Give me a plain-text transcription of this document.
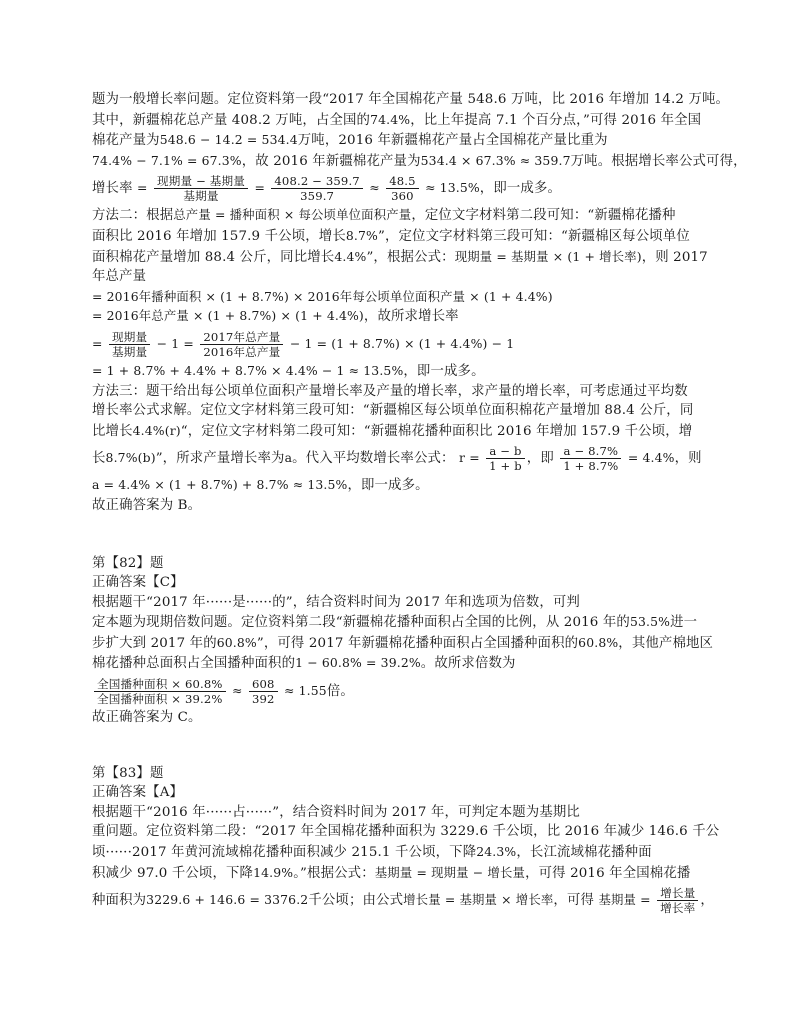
题为一般增长率问题。定位资料第一段“2017 年全国棉花产量 548.6 万吨，比 2016 年增加 14.2 万吨。
其中，新疆棉花总产量 408.2 万吨，占全国的74.4%，比上年提高 7.1 个百分点，”可得 2016 年全国
棉花产量为548.6 − 14.2 = 534.4万吨，2016 年新疆棉花产量占全国棉花产量比重为
74.4% − 7.1% = 67.3%，故 2016 年新疆棉花产量为534.4 × 67.3% ≈ 359.7万吨。根据增长率公式可得，
增长率 = $\frac{\text{现期量 − 基期量}}{\text{基期量}} = \frac{408.2 - 359.7}{359.7} \approx \frac{48.5}{360} \approx 13.5\%$，即一成多。
方法二：根据总产量 = 播种面积 × 每公顷单位面积产量，定位文字材料第二段可知：“新疆棉花播种
面积比 2016 年增加 157.9 千公顷，增长8.7%”，定位文字材料第三段可知：“新疆棉区每公顷单位
面积棉花产量增加 88.4 公斤，同比增长4.4%”，根据公式：现期量 = 基期量 × (1 + 增长率)，则 2017
年总产量
= 2016年播种面积 × (1 + 8.7%) × 2016年每公顷单位面积产量 × (1 + 4.4%)
= 2016年总产量 × (1 + 8.7%) × (1 + 4.4%)，故所求增长率
= $\frac{\text{现期量}}{\text{基期量}} - 1 = \frac{\text{2017年总产量}}{\text{2016年总产量}} - 1 = (1 + 8.7\%) \times (1 + 4.4\%) - 1$
= 1 + 8.7% + 4.4% + 8.7% × 4.4% − 1 ≈ 13.5%，即一成多。
方法三：题干给出每公顷单位面积产量增长率及产量的增长率，求产量的增长率，可考虑通过平均数
增长率公式求解。定位文字材料第三段可知：“新疆棉区每公顷单位面积棉花产量增加 88.4 公斤，同
比增长4.4%(r)“，定位文字材料第二段可知：“新疆棉花播种面积比 2016 年增加 157.9 千公顷，增
长8.7%(b)”，所求产量增长率为a。代入平均数增长率公式： $r = \frac{a - b}{1 + b}$ ，即 $\frac{a - 8.7\%}{1 + 8.7\%} = 4.4\%$，则
a = 4.4% × (1 + 8.7%) + 8.7% ≈ 13.5%，即一成多。
故正确答案为 B。
第【82】题
正确答案【C】
根据题干“2017 年······是······的”，结合资料时间为 2017 年和选项为倍数，可判
定本题为现期倍数问题。定位资料第二段“新疆棉花播种面积占全国的比例，从 2016 年的53.5%进一
步扩大到 2017 年的60.8%”，可得 2017 年新疆棉花播种面积占全国播种面积的60.8%，其他产棉地区
棉花播种总面积占全国播种面积的1 − 60.8% = 39.2%。故所求倍数为
$\frac{\text{全国播种面积 × 60.8\%}}{\text{全国播种面积 × 39.2\%}} \approx \frac{608}{392} \approx 1.55$倍。
故正确答案为 C。
第【83】题
正确答案【A】
根据题干“2016 年······占······”，结合资料时间为 2017 年，可判定本题为基期比
重问题。定位资料第二段：“2017 年全国棉花播种面积为 3229.6 千公顷，比 2016 年减少 146.6 千公
顷······2017 年黄河流域棉花播种面积减少 215.1 千公顷，下降24.3%，长江流域棉花播种面
积减少 97.0 千公顷，下降14.9%。”根据公式：基期量 = 现期量 − 增长量，可得 2016 年全国棉花播
种面积为3229.6 + 146.6 = 3376.2千公顷；由公式增长量 = 基期量 × 增长率，可得 基期量 = $\frac{\text{增长量}}{\text{增长率}}$ ，
